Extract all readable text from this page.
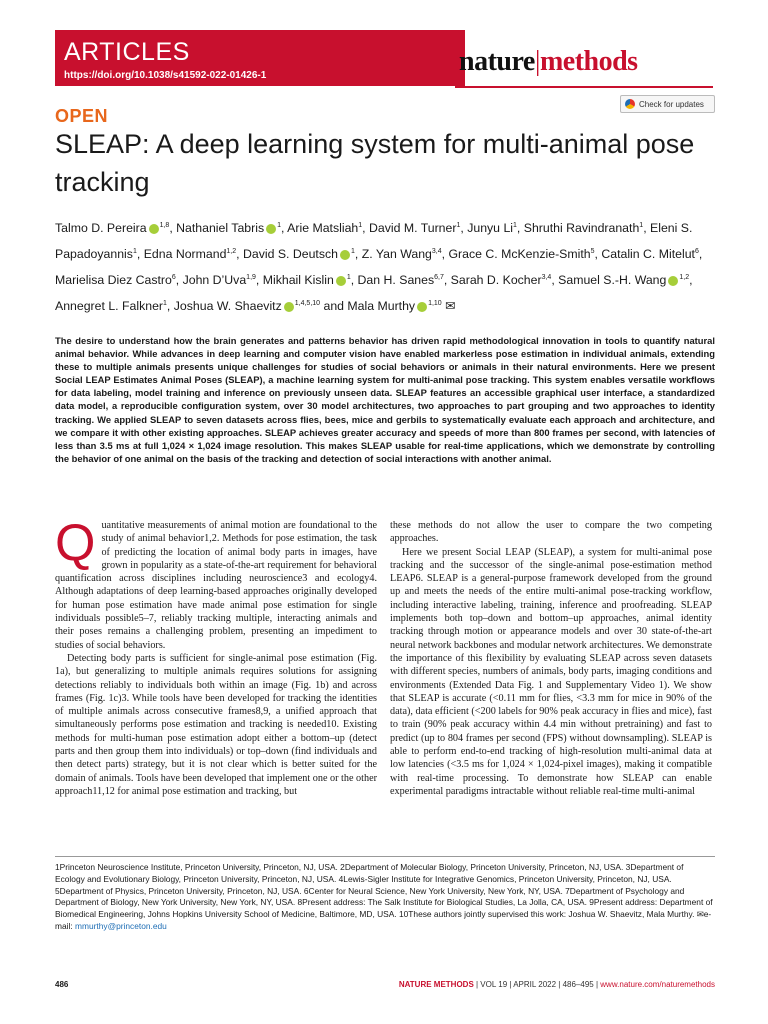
ARTICLES
https://doi.org/10.1038/s41592-022-01426-1	nature|methods
Check for updates
OPEN
SLEAP: A deep learning system for multi-animal pose tracking
Talmo D. Pereira $^{1,8}$, Nathaniel Tabris $^1$, Arie Matsliah$^1$, David M. Turner$^1$, Junyu Li$^1$, Shruthi Ravindranath$^1$, Eleni S. Papadoyannis$^1$, Edna Normand$^{1,2}$, David S. Deutsch $^1$, Z. Yan Wang$^{3,4}$, Grace C. McKenzie-Smith$^5$, Catalin C. Mitelut$^6$, Marielisa Diez Castro$^6$, John D’Uva$^{1,9}$, Mikhail Kislin $^1$, Dan H. Sanes$^{6,7}$, Sarah D. Kocher$^{3,4}$, Samuel S.-H. Wang $^{1,2}$, Annegret L. Falkner$^1$, Joshua W. Shaevitz $^{1,4,5,10}$ and Mala Murthy $^{1,10}$ ✉
The desire to understand how the brain generates and patterns behavior has driven rapid methodological innovation in tools to quantify natural animal behavior. While advances in deep learning and computer vision have enabled markerless pose estimation in individual animals, extending these to multiple animals presents unique challenges for studies of social behaviors or animals in their natural environments. Here we present Social LEAP Estimates Animal Poses (SLEAP), a machine learning system for multi-animal pose tracking. This system enables versatile workflows for data labeling, model training and inference on previously unseen data. SLEAP features an accessible graphical user interface, a standardized data model, a reproducible configuration system, over 30 model architectures, two approaches to part grouping and two approaches to identity tracking. We applied SLEAP to seven datasets across flies, bees, mice and gerbils to systematically evaluate each approach and architecture, and we compare it with other existing approaches. SLEAP achieves greater accuracy and speeds of more than 800 frames per second, with latencies of less than 3.5 ms at full 1,024 × 1,024 image resolution. This makes SLEAP usable for real-time applications, which we demonstrate by controlling the behavior of one animal on the basis of the tracking and detection of social interactions with another animal.

Quantitative measurements of animal motion are foundational to the study of animal behavior1,2. Methods for pose estimation, the task of predicting the location of animal body parts in images, have grown in popularity as a state-of-the-art requirement for behavioral quantification across disciplines including neuroscience3 and ecology4. Although adaptations of deep learning-based approaches originally developed for human pose estimation have made animal pose estimation for single individuals possible5–7, reliably tracking multiple, interacting animals and their poses remains a challenging problem, presenting an impediment to studies of social behaviors.

Detecting body parts is sufficient for single-animal pose estimation (Fig. 1a), but generalizing to multiple animals requires solutions for assigning detections reliably to individuals both within an image (Fig. 1b) and across frames (Fig. 1c)3. While tools have been developed for tracking the identities of multiple animals across consecutive frames8,9, a unified approach that simultaneously performs pose estimation and tracking is needed10. Existing methods for multi-human pose estimation adopt either a bottom–up (detect parts and then group them into individuals) or top–down (find individuals and then detect parts) strategy, but it is not clear which is better suited for the domain of animals. Tools have been developed that implement one or the other approach11,12 for animal pose estimation and tracking, but

these methods do not allow the user to compare the two competing approaches.

Here we present Social LEAP (SLEAP), a system for multi-animal pose tracking and the successor of the single-animal pose-estimation method LEAP6. SLEAP is a general-purpose framework developed from the ground up and meets the needs of the entire multi-animal pose-tracking workflow, including interactive labeling, training, inference and proofreading. SLEAP implements both top–down and bottom–up approaches, animal identity tracking through motion or appearance models and over 30 state-of-the-art neural network backbones and modular network architectures. We demonstrate the importance of this flexibility by evaluating SLEAP across seven datasets with different species, numbers of animals, body parts, imaging conditions and environments (Extended Data Fig. 1 and Supplementary Video 1). We show that SLEAP is accurate (<0.11 mm for flies, <3.3 mm for mice in 90% of the data), data efficient (<200 labels for 90% peak accuracy in flies and mice), fast to train (90% peak accuracy within 4.4 min without pretraining) and fast to predict (up to 804 frames per second (FPS) without downsampling). SLEAP is able to perform end-to-end tracking of high-resolution multi-animal data at low latencies (<3.5 ms for 1,024 × 1,024-pixel images), making it compatible with real-time processing. To demonstrate how SLEAP can enable experimental paradigms intractable without reliable real-time multi-animal

1Princeton Neuroscience Institute, Princeton University, Princeton, NJ, USA. 2Department of Molecular Biology, Princeton University, Princeton, NJ, USA. 3Department of Ecology and Evolutionary Biology, Princeton University, Princeton, NJ, USA. 4Lewis-Sigler Institute for Integrative Genomics, Princeton University, Princeton, NJ, USA. 5Department of Physics, Princeton University, Princeton, NJ, USA. 6Center for Neural Science, New York University, New York, NY, USA. 7Department of Psychology and Department of Biology, New York University, New York, NY, USA. 8Present address: The Salk Institute for Biological Studies, La Jolla, CA, USA. 9Present address: Department of Biomedical Engineering, Johns Hopkins University School of Medicine, Baltimore, MD, USA. 10These authors jointly supervised this work: Joshua W. Shaevitz, Mala Murthy. ✉e-mail: mmurthy@princeton.edu
486	NATURE METHODS | VOL 19 | APRIL 2022 | 486–495 | www.nature.com/naturemethods
